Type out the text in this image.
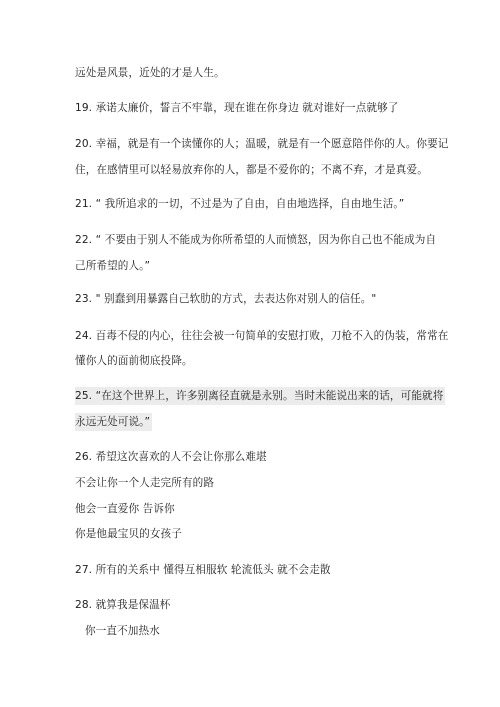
远处是风景，近处的才是人生。
19. 承诺太廉价，誓言不牢靠，现在谁在你身边 就对谁好一点就够了
20. 幸福，就是有一个读懂你的人；温暖，就是有一个愿意陪伴你的人。你要记
住，在感情里可以轻易放弃你的人，都是不爱你的；不离不弃，才是真爱。
21. “ 我所追求的一切，不过是为了自由，自由地选择，自由地生活。”
22. “ 不要由于别人不能成为你所希望的人而愤怒，因为你自己也不能成为自
己所希望的人。”
23. " 别蠢到用暴露自己软肋的方式，去表达你对别人的信任。"
24. 百毒不侵的内心，往往会被一句简单的安慰打败，刀枪不入的伪装，常常在
懂你人的面前彻底投降。
25. “在这个世界上，许多别离径直就是永别。当时未能说出来的话，可能就将
永远无处可说。”
26. 希望这次喜欢的人不会让你那么难堪
不会让你一个人走完所有的路
他会一直爱你 告诉你
你是他最宝贝的女孩子
27. 所有的关系中 懂得互相服软 轮流低头 就不会走散
28. 就算我是保温杯
你一直不加热水
